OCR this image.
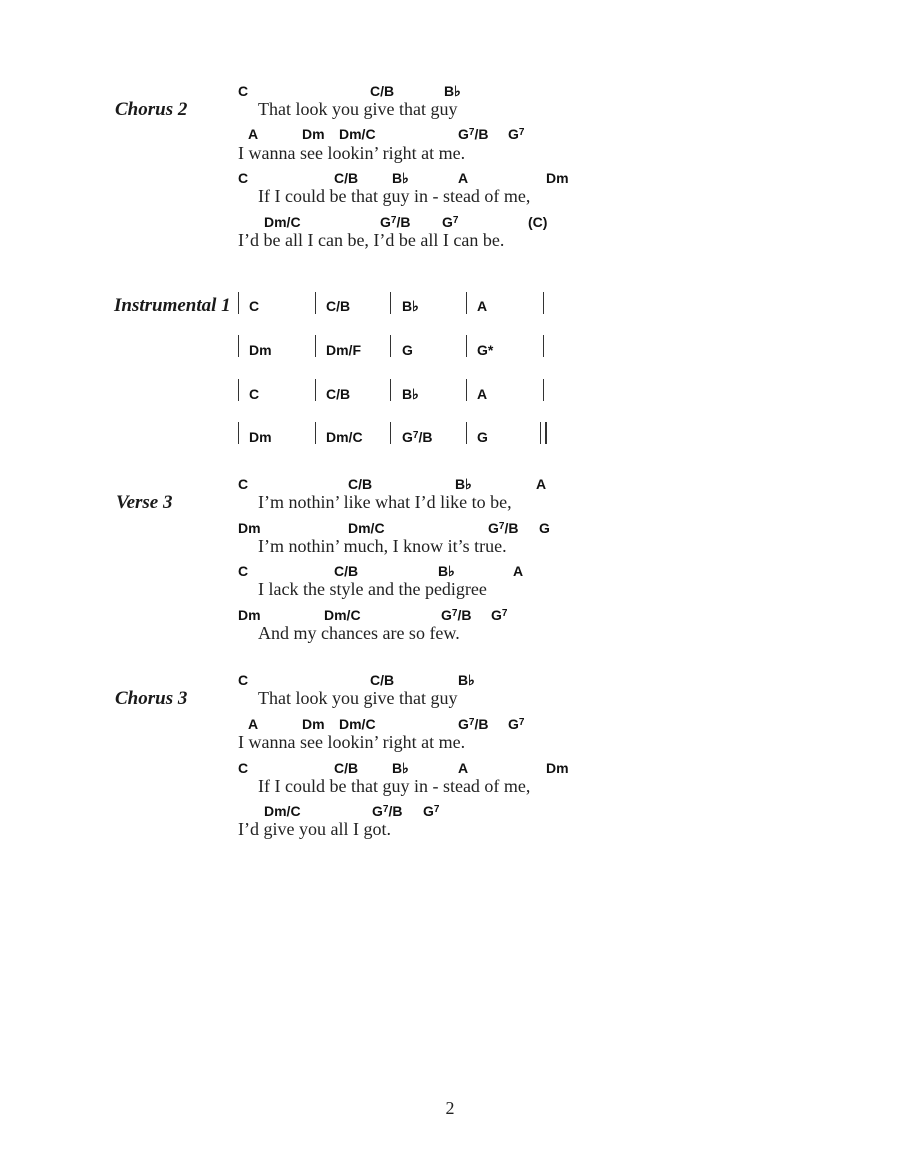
Chorus 2
C	C/B	B♭
That look you give that guy
A	Dm Dm/C	$G^7/B$ $G^7$
I wanna see lookin’ right at me.
C	C/B B♭	A	Dm
If I could be that guy in - stead of me,
Dm/C	$G^7/B$ $G^7$	(C)
I’d be all I can be, I’d be all I can be.
Instrumental 1 C	C/B	B♭	A
Dm	Dm/F	G	G*
C	C/B	B♭	A
Dm	Dm/C	$G^7/B$	G
Verse 3
C	C/B	B♭	A
I’m nothin’ like what I’d like to be,
Dm	Dm/C	$G^7/B$ G
I’m nothin’ much, I know it’s true.
C	C/B	B♭	A
I lack the style and the pedigree
Dm	Dm/C	$G^7/B$ $G^7$
And my chances are so few.
Chorus 3
C	C/B	B♭
That look you give that guy
A	Dm Dm/C	$G^7/B$ $G^7$
I wanna see lookin’ right at me.
C	C/B B♭	A	Dm
If I could be that guy in - stead of me,
Dm/C	$G^7/B$ $G^7$
I’d give you all I got.
2
